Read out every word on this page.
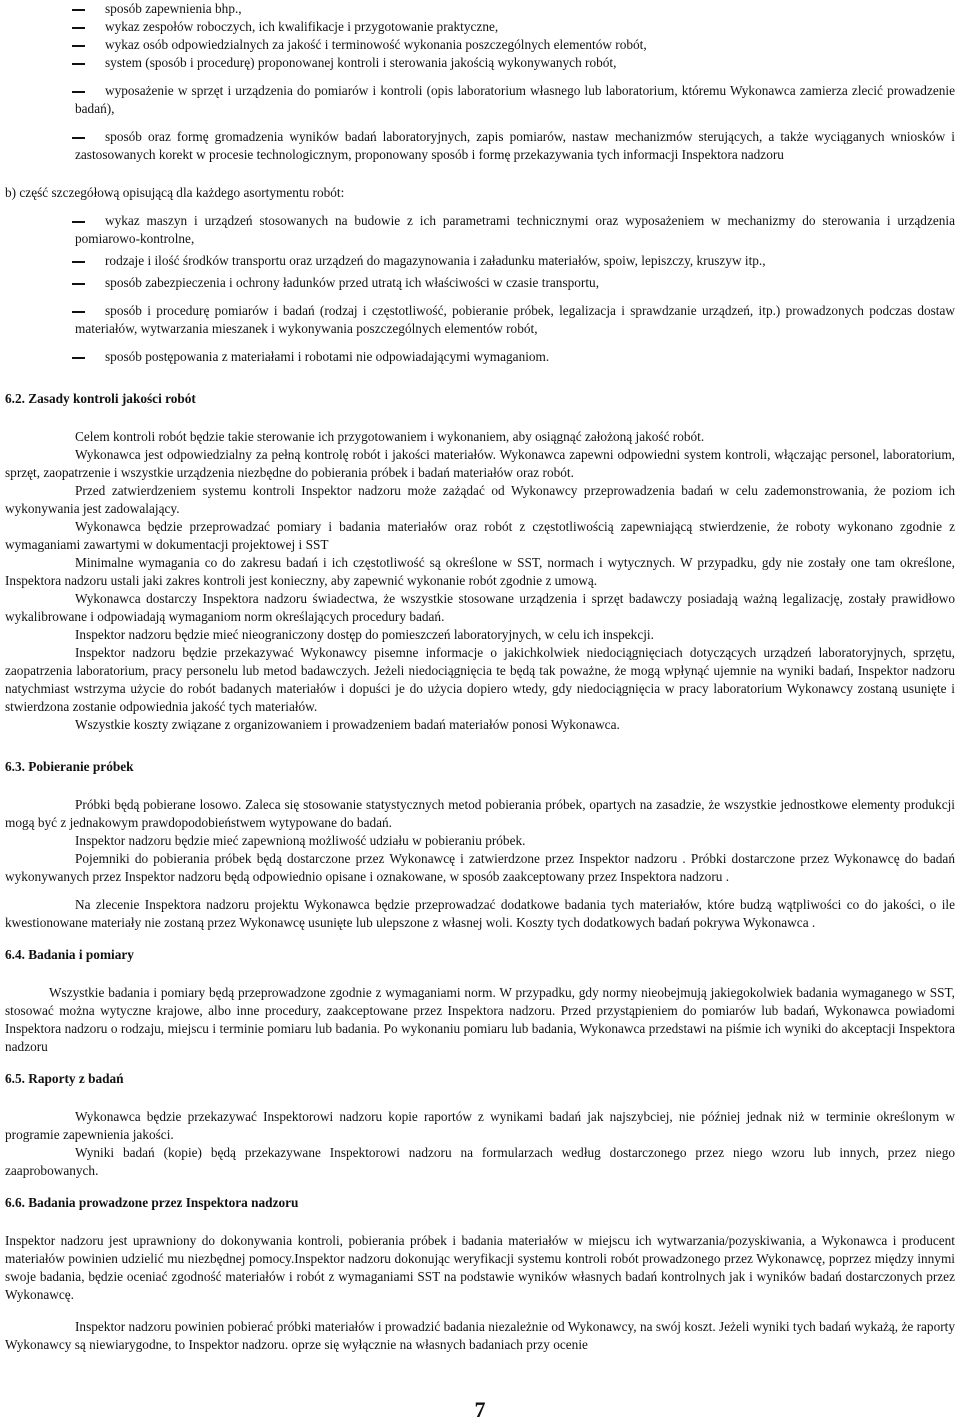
sposób zapewnienia bhp.,
wykaz zespołów roboczych, ich kwalifikacje i przygotowanie praktyczne,
wykaz osób odpowiedzialnych za jakość i terminowość wykonania poszczególnych elementów robót,
system (sposób i procedurę) proponowanej kontroli i sterowania jakością wykonywanych robót,
wyposażenie w sprzęt i urządzenia do pomiarów i kontroli (opis laboratorium własnego lub laboratorium, któremu Wykonawca zamierza zlecić prowadzenie badań),
sposób oraz formę gromadzenia wyników badań laboratoryjnych, zapis pomiarów, nastaw mechanizmów sterujących, a także wyciąganych wniosków i zastosowanych korekt w procesie technologicznym, proponowany sposób i formę przekazywania tych informacji Inspektora nadzoru

b) część szczegółową opisującą dla każdego asortymentu robót:

wykaz maszyn i urządzeń stosowanych na budowie z ich parametrami technicznymi oraz wyposażeniem w mechanizmy do sterowania i urządzenia pomiarowo-kontrolne,
rodzaje i ilość środków transportu oraz urządzeń do magazynowania i załadunku materiałów, spoiw, lepiszczy, kruszyw itp.,
sposób zabezpieczenia i ochrony ładunków przed utratą ich właściwości w czasie transportu,
sposób i procedurę pomiarów i badań (rodzaj i częstotliwość, pobieranie próbek, legalizacja i sprawdzanie urządzeń, itp.) prowadzonych podczas dostaw materiałów, wytwarzania mieszanek i wykonywania poszczególnych elementów robót,
sposób postępowania z materiałami i robotami nie odpowiadającymi wymaganiom.
6.2. Zasady kontroli jakości robót

Celem kontroli robót będzie takie sterowanie ich przygotowaniem i wykonaniem, aby osiągnąć założoną jakość robót.

Wykonawca jest odpowiedzialny za pełną kontrolę robót i jakości materiałów. Wykonawca zapewni odpowiedni system kontroli, włączając personel, laboratorium, sprzęt, zaopatrzenie i wszystkie urządzenia niezbędne do pobierania próbek i badań materiałów oraz robót.

Przed zatwierdzeniem systemu kontroli Inspektor nadzoru może zażądać od Wykonawcy przeprowadzenia badań w celu zademonstrowania, że poziom ich wykonywania jest zadowalający.

Wykonawca będzie przeprowadzać pomiary i badania materiałów oraz robót z częstotliwością zapewniającą stwierdzenie, że roboty wykonano zgodnie z wymaganiami zawartymi w dokumentacji projektowej i SST

Minimalne wymagania co do zakresu badań i ich częstotliwość są określone w SST, normach i wytycznych. W przypadku, gdy nie zostały one tam określone, Inspektora nadzoru ustali jaki zakres kontroli jest konieczny, aby zapewnić wykonanie robót zgodnie z umową.

Wykonawca dostarczy Inspektora nadzoru świadectwa, że wszystkie stosowane urządzenia i sprzęt badawczy posiadają ważną legalizację, zostały prawidłowo wykalibrowane i odpowiadają wymaganiom norm określających procedury badań.

Inspektor nadzoru będzie mieć nieograniczony dostęp do pomieszczeń laboratoryjnych, w celu ich inspekcji.

Inspektor nadzoru będzie przekazywać Wykonawcy pisemne informacje o jakichkolwiek niedociągnięciach dotyczących urządzeń laboratoryjnych, sprzętu, zaopatrzenia laboratorium, pracy personelu lub metod badawczych. Jeżeli niedociągnięcia te będą tak poważne, że mogą wpłynąć ujemnie na wyniki badań, Inspektor nadzoru natychmiast wstrzyma użycie do robót badanych materiałów i dopuści je do użycia dopiero wtedy, gdy niedociągnięcia w pracy laboratorium Wykonawcy zostaną usunięte i stwierdzona zostanie odpowiednia jakość tych materiałów.

Wszystkie koszty związane z organizowaniem i prowadzeniem badań materiałów ponosi Wykonawca.

6.3. Pobieranie próbek

Próbki będą pobierane losowo. Zaleca się stosowanie statystycznych metod pobierania próbek, opartych na zasadzie, że wszystkie jednostkowe elementy produkcji mogą być z jednakowym prawdopodobieństwem wytypowane do badań.

Inspektor nadzoru będzie mieć zapewnioną możliwość udziału w pobieraniu próbek.

Pojemniki do pobierania próbek będą dostarczone przez Wykonawcę i zatwierdzone przez Inspektor nadzoru . Próbki dostarczone przez Wykonawcę do badań wykonywanych przez Inspektor nadzoru będą odpowiednio opisane i oznakowane, w sposób zaakceptowany przez Inspektora nadzoru .

Na zlecenie Inspektora nadzoru projektu Wykonawca będzie przeprowadzać dodatkowe badania tych materiałów, które budzą wątpliwości co do jakości, o ile kwestionowane materiały nie zostaną przez Wykonawcę usunięte lub ulepszone z własnej woli. Koszty tych dodatkowych badań pokrywa Wykonawca .

6.4. Badania i pomiary

Wszystkie badania i pomiary będą przeprowadzone zgodnie z wymaganiami norm. W przypadku, gdy normy nieobejmują jakiegokolwiek badania wymaganego w SST, stosować można wytyczne krajowe, albo inne procedury, zaakceptowane przez Inspektora nadzoru. Przed przystąpieniem do pomiarów lub badań, Wykonawca powiadomi Inspektora nadzoru o rodzaju, miejscu i terminie pomiaru lub badania. Po wykonaniu pomiaru lub badania, Wykonawca przedstawi na piśmie ich wyniki do akceptacji Inspektora nadzoru

6.5. Raporty z badań

Wykonawca będzie przekazywać Inspektorowi nadzoru kopie raportów z wynikami badań jak najszybciej, nie później jednak niż w terminie określonym w programie zapewnienia jakości.

Wyniki badań (kopie) będą przekazywane Inspektorowi nadzoru na formularzach według dostarczonego przez niego wzoru lub innych, przez niego zaaprobowanych.

6.6. Badania prowadzone przez Inspektora nadzoru

Inspektor nadzoru jest uprawniony do dokonywania kontroli, pobierania próbek i badania materiałów w miejscu ich wytwarzania/pozyskiwania, a Wykonawca i producent materiałów powinien udzielić mu niezbędnej pomocy.Inspektor nadzoru dokonując weryfikacji systemu kontroli robót prowadzonego przez Wykonawcę, poprzez między innymi swoje badania, będzie oceniać zgodność materiałów i robót z wymaganiami SST na podstawie wyników własnych badań kontrolnych jak i wyników badań dostarczonych przez Wykonawcę.

Inspektor nadzoru powinien pobierać próbki materiałów i prowadzić badania niezależnie od Wykonawcy, na swój koszt. Jeżeli wyniki tych badań wykażą, że raporty Wykonawcy są niewiarygodne, to Inspektor nadzoru. oprze się wyłącznie na własnych badaniach przy ocenie

7
